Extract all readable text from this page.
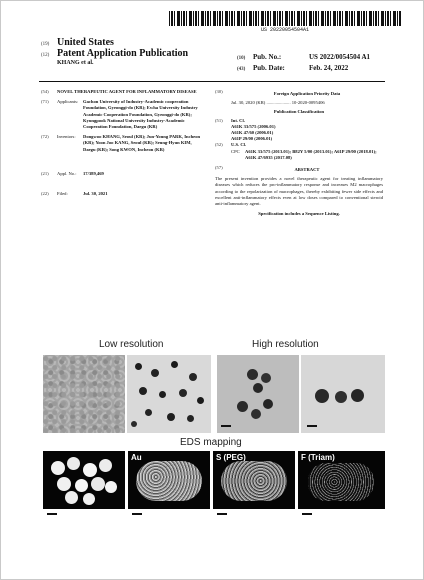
US 20220054504A1
(19) United States
(12) Patent Application Publication
KHANG et al.
(10)	Pub. No.:	US 2022/0054504 A1
(43)	Pub. Date:	Feb. 24, 2022
(54)	NOVEL THERAPEUTIC AGENT FOR INFLAMMATORY DISEASE
(71)	Applicants:	Gachon University of Industry-Academic cooperation Foundation, Gyeonggi-do (KR); Ewha University Industry Academic Cooperation Foundation, Gyeonggi-do (KR); Kyungpook National University Industry-Academic Cooperation Foundation, Daegu (KR)
(72)	Inventors:	Dongwoo KHANG, Seoul (KR); Jun-Young PARK, Incheon (KR); Yoon Joo KANG, Seoul (KR); Seung-Hyun KIM, Daegu (KR); Song KWON, Incheon (KR)
(21)	Appl. No.:	17/389,469
(22)	Filed:	Jul. 30, 2021
(30)	Foreign Application Priority Data
Jul. 30, 2020 (KR) ..................... 10-2020-0095406
Publication Classification
(51)	Int. Cl.
A61K 33/575 (2006.01)
A61K 47/60 (2006.01)
A61P 29/00 (2006.01)
(52)	U.S. Cl.
CPC	A61K 33/575 (2013.01); B82Y 5/00 (2013.01); A61P 29/00 (2018.01); A61K 47/6935 (2017.08)
(57)	ABSTRACT
The present invention provides a novel therapeutic agent for treating inflammatory diseases which reduces the pro-inflammatory response and increases M2 macrophages according to the repolarization of macrophages, thereby exhibiting fewer side effects and excellent anti-inflammatory effects even at low doses compared to conventional steroid anti-inflammatory agent.
Specification includes a Sequence Listing.
Low resolution	High resolution
EDS mapping
Au	S (PEG)	F (Triam)
